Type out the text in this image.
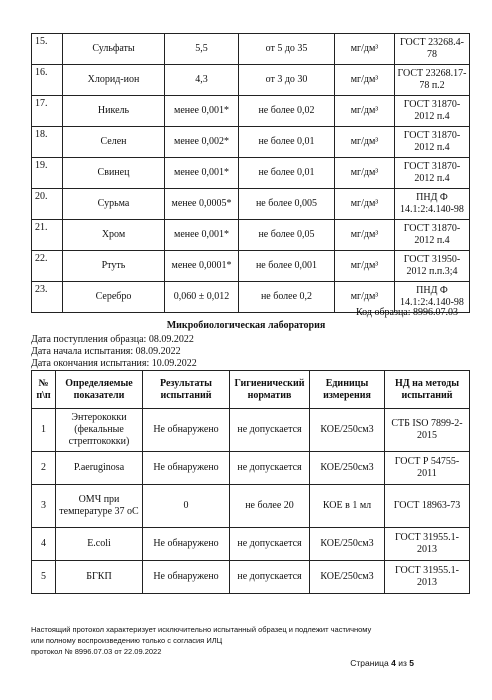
15.	Сульфаты	5,5	от 5 до 35	мг/дм³	ГОСТ 23268.4-78
16.	Хлорид-ион	4,3	от 3 до 30	мг/дм³	ГОСТ 23268.17-78 п.2
17.	Никель	менее 0,001*	не более 0,02	мг/дм³	ГОСТ 31870-2012 п.4
18.	Селен	менее 0,002*	не более 0,01	мг/дм³	ГОСТ 31870-2012 п.4
19.	Свинец	менее 0,001*	не более 0,01	мг/дм³	ГОСТ 31870-2012 п.4
20.	Сурьма	менее 0,0005*	не более 0,005	мг/дм³	ПНД Ф 14.1:2:4.140-98
21.	Хром	менее 0,001*	не более 0,05	мг/дм³	ГОСТ 31870-2012 п.4
22.	Ртуть	менее 0,0001*	не более 0,001	мг/дм³	ГОСТ 31950-2012 п.п.3;4
23.	Серебро	0,060 ± 0,012	не более 0,2	мг/дм³	ПНД Ф 14.1:2:4.140-98
Код образца: 8996.07.03
Микробиологическая лаборатория
Дата поступления образца: 08.09.2022
Дата начала испытания: 08.09.2022
Дата окончания испытания: 10.09.2022
№ п\п	Определяемые показатели	Результаты испытаний	Гигиенический норматив	Единицы измерения	НД на методы испытаний
1	Энтерококки (фекальные стрептококки)	Не обнаружено	не допускается	КОЕ/250см3	СТБ ISO 7899-2-2015
2	P.aeruginosa	Не обнаружено	не допускается	КОЕ/250см3	ГОСТ Р 54755-2011
3	ОМЧ при температуре 37 оС	0	не более 20	КОЕ в 1 мл	ГОСТ 18963-73
4	E.coli	Не обнаружено	не допускается	КОЕ/250см3	ГОСТ 31955.1-2013
5	БГКП	Не обнаружено	не допускается	КОЕ/250см3	ГОСТ 31955.1-2013
Настоящий протокол характеризует исключительно испытанный образец и подлежит частичному
или полному воспроизведению только с согласия ИЛЦ
протокол № 8996.07.03 от 22.09.2022
Страница 4 из 5
